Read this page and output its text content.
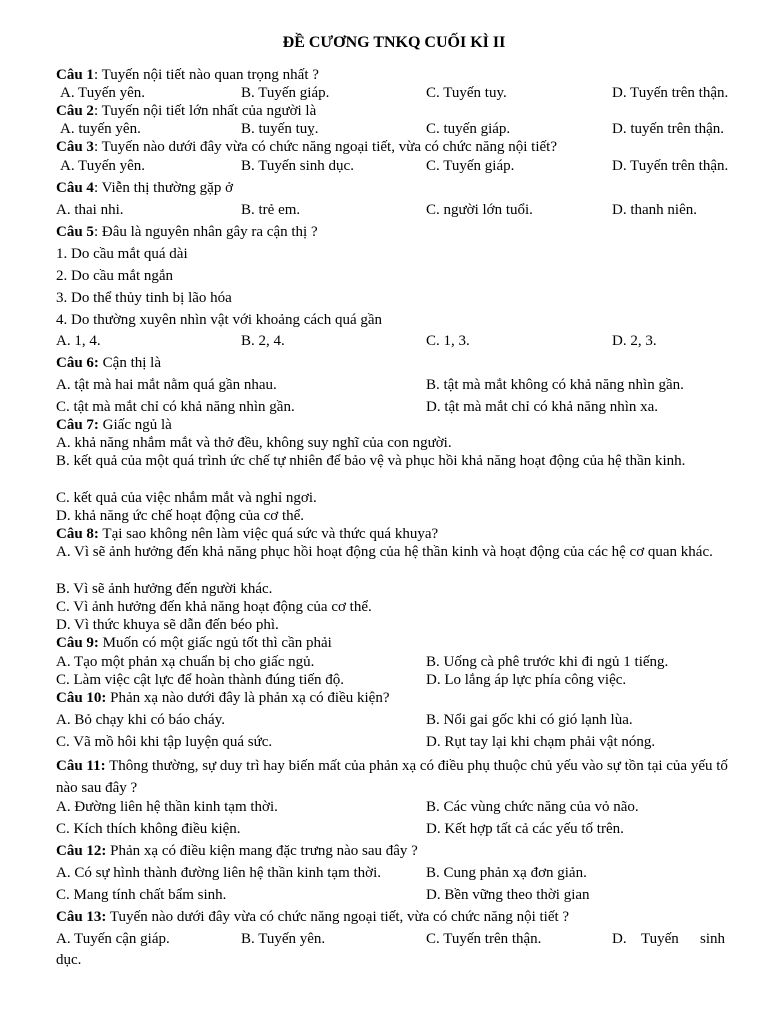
ĐỀ CƯƠNG TNKQ CUỐI KÌ II
Câu 1: Tuyến nội tiết nào quan trọng nhất ?
A. Tuyến yên.	B. Tuyến giáp.	C. Tuyến tuy.	D. Tuyến trên thận.
Câu 2: Tuyến nội tiết lớn nhất của người là
A. tuyến yên.	B. tuyến tuỵ.	C. tuyến giáp.	D. tuyến trên thận.
Câu 3: Tuyến nào dưới đây vừa có chức năng ngoại tiết, vừa có chức năng nội tiết?
A. Tuyến yên.	B. Tuyến sinh dục.	C. Tuyến giáp.	D. Tuyến trên thận.
Câu 4: Viễn thị thường gặp ở
A. thai nhi.	B. trẻ em.	C. người lớn tuổi.	D. thanh niên.
Câu 5: Đâu là nguyên nhân gây ra cận thị ?
1. Do cầu mắt quá dài
2. Do cầu mắt ngắn
3. Do thể thủy tinh bị lão hóa
4. Do thường xuyên nhìn vật với khoảng cách quá gần
A. 1, 4.	B. 2, 4.	C. 1, 3.	D. 2, 3.
Câu 6: Cận thị là
A. tật mà hai mắt nằm quá gần nhau.	B. tật mà mắt không có khả năng nhìn gần.
C. tật mà mắt chỉ có khả năng nhìn gần.	D. tật mà mắt chỉ có khả năng nhìn xa.
Câu 7: Giấc ngủ là
A. khả năng nhắm mắt và thở đều, không suy nghĩ của con người.
B. kết quả của một quá trình ức chế tự nhiên để bảo vệ và phục hồi khả năng hoạt động của hệ thần kinh.
C. kết quả của việc nhắm mắt và nghỉ ngơi.
D. khả năng ức chế hoạt động của cơ thể.
Câu 8: Tại sao không nên làm việc quá sức và thức quá khuya?
A. Vì sẽ ảnh hưởng đến khả năng phục hồi hoạt động của hệ thần kinh và hoạt động của các hệ cơ quan khác.
B. Vì sẽ ảnh hưởng đến người khác.
C. Vì ảnh hưởng đến khả năng hoạt động của cơ thể.
D. Vì thức khuya sẽ dẫn đến béo phì.
Câu 9: Muốn có một giấc ngủ tốt thì cần phải
A. Tạo một phản xạ chuẩn bị cho giấc ngủ.	B. Uống cà phê trước khi đi ngủ 1 tiếng.
C. Làm việc cật lực để hoàn thành đúng tiến độ.	D. Lo lắng áp lực phía công việc.
Câu 10: Phản xạ nào dưới đây là phản xạ có điều kiện?
A. Bỏ chạy khi có báo cháy.	B. Nổi gai gốc khi có gió lạnh lùa.
C. Vã mồ hôi khi tập luyện quá sức.	D. Rụt tay lại khi chạm phải vật nóng.
Câu 11: Thông thường, sự duy trì hay biến mất của phản xạ có điều phụ thuộc chủ yếu vào sự tồn tại của yếu tố nào sau đây ?
A. Đường liên hệ thần kinh tạm thời.	B. Các vùng chức năng của vỏ não.
C. Kích thích không điều kiện.	D. Kết hợp tất cả các yếu tố trên.
Câu 12: Phản xạ có điều kiện mang đặc trưng nào sau đây ?
A. Có sự hình thành đường liên hệ thần kinh tạm thời.	B. Cung phản xạ đơn giản.
C. Mang tính chất bẩm sinh.	D. Bền vững theo thời gian
Câu 13: Tuyến nào dưới đây vừa có chức năng ngoại tiết, vừa có chức năng nội tiết ?
A. Tuyến cận giáp.	B. Tuyến yên.	C. Tuyến trên thận.	D. Tuyến sinh
dục.
